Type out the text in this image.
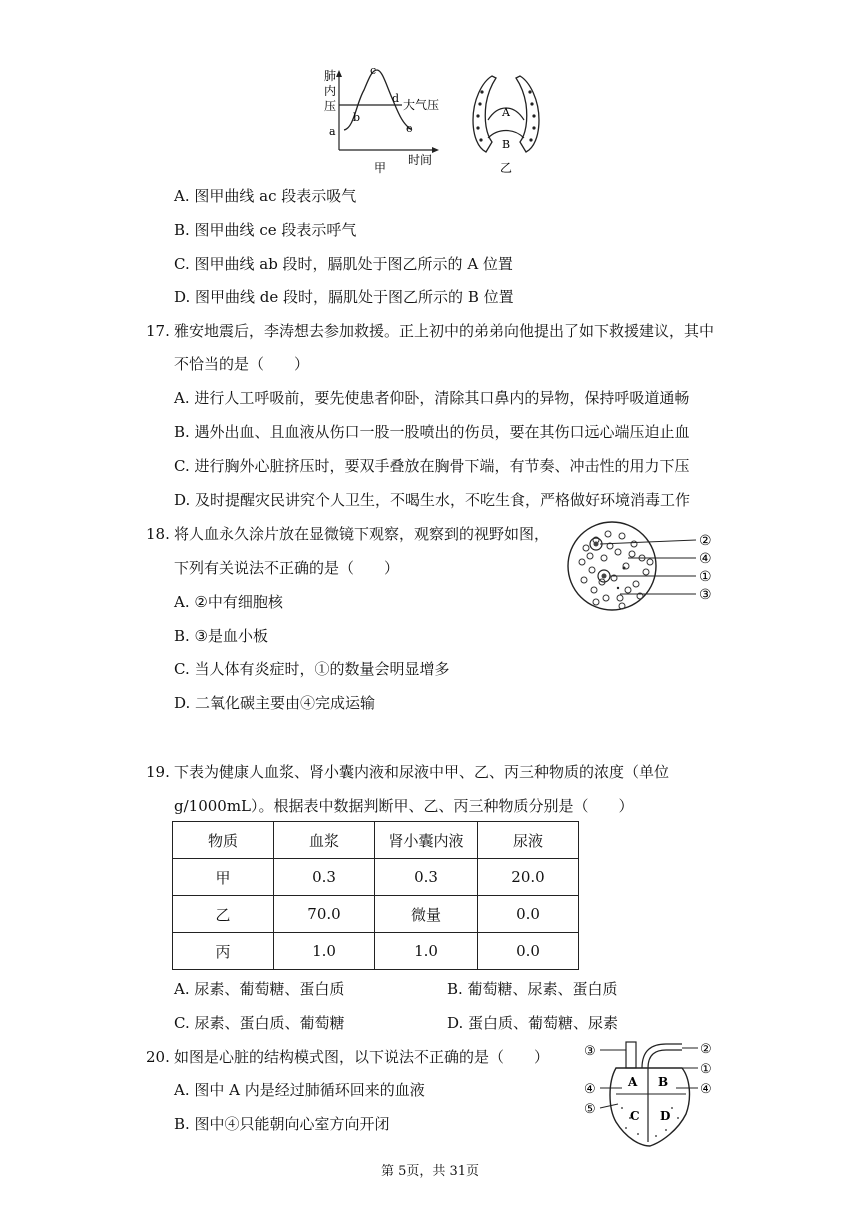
肺
内
压	大气压
a
b
c
d
e
时间
甲
A
B
乙
A. 图甲曲线 ac 段表示吸气
B. 图甲曲线 ce 段表示呼气
C. 图甲曲线 ab 段时，膈肌处于图乙所示的 A 位置
D. 图甲曲线 de 段时，膈肌处于图乙所示的 B 位置
17. 雅安地震后，李涛想去参加救援。正上初中的弟弟向他提出了如下救援建议，其中
不恰当的是（　　）
A. 进行人工呼吸前，要先使患者仰卧，清除其口鼻内的异物，保持呼吸道通畅
B. 遇外出血、且血液从伤口一股一股喷出的伤员，要在其伤口远心端压迫止血
C. 进行胸外心脏挤压时，要双手叠放在胸骨下端，有节奏、冲击性的用力下压
D. 及时提醒灾民讲究个人卫生，不喝生水，不吃生食，严格做好环境消毒工作
18. 将人血永久涂片放在显微镜下观察，观察到的视野如图，
下列有关说法不正确的是（　　）
A. ②中有细胞核
B. ③是血小板
C. 当人体有炎症时，①的数量会明显增多
D. 二氧化碳主要由④完成运输
②
④
①
③
19. 下表为健康人血浆、肾小囊内液和尿液中甲、乙、丙三种物质的浓度（单位
g/1000mL）。根据表中数据判断甲、乙、丙三种物质分别是（　　）
物质	血浆	肾小囊内液	尿液
甲	0.3	0.3	20.0
乙	70.0	微量	0.0
丙	1.0	1.0	0.0
A. 尿素、葡萄糖、蛋白质	B. 葡萄糖、尿素、蛋白质
C. 尿素、蛋白质、葡萄糖	D. 蛋白质、葡萄糖、尿素
20. 如图是心脏的结构模式图，以下说法不正确的是（　　）
A. 图中 A 内是经过肺循环回来的血液
B. 图中④只能朝向心室方向开闭
A B
C D
③	②
①
④	④
⑤
第 5页，共 31页
